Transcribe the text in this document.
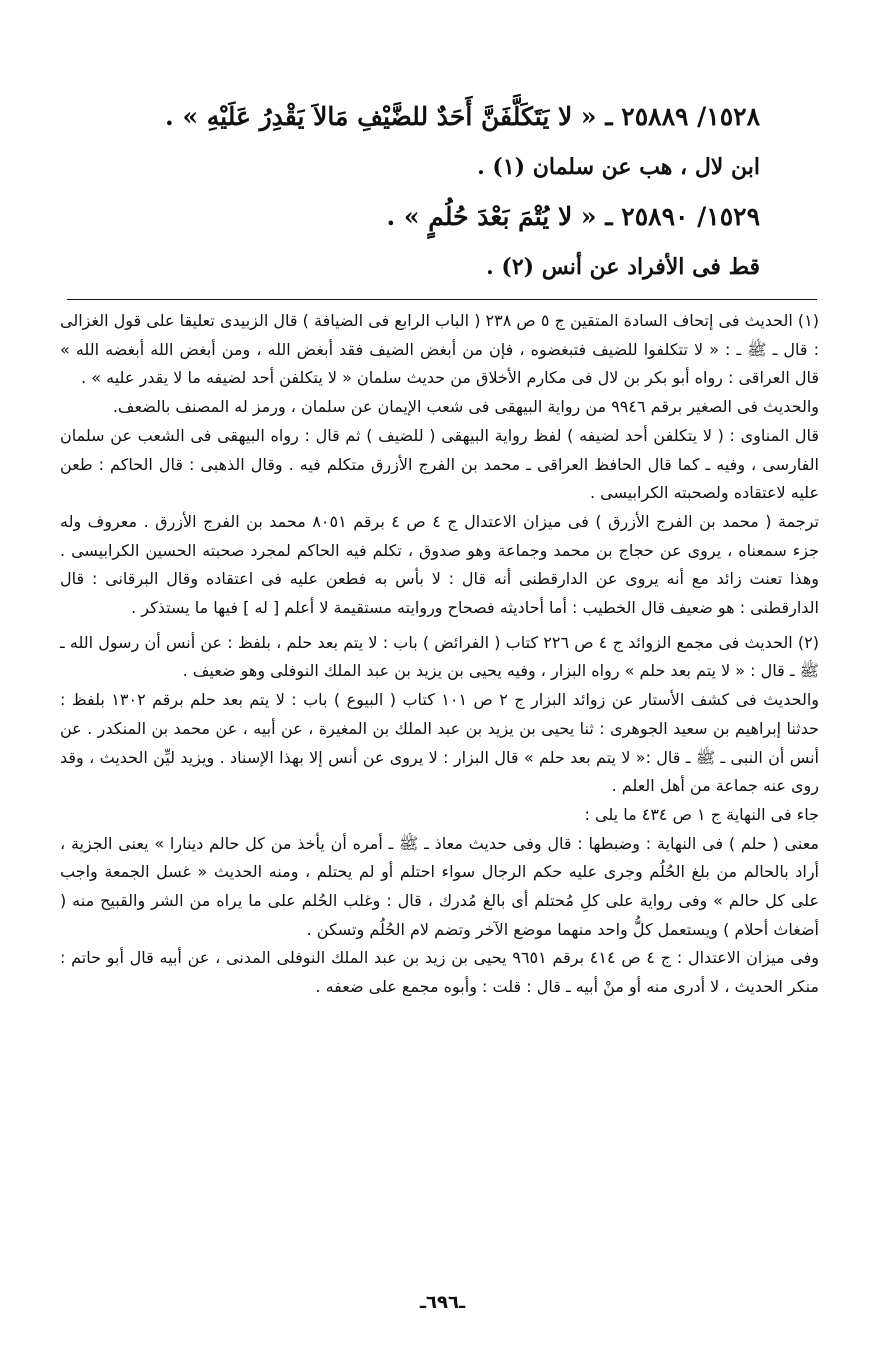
١٥٢٨/ ٢٥٨٨٩ ـ « لا يَتَكَلَّفَنَّ أَحَدٌ للضَّيْفِ مَالاَ يَقْدِرُ عَلَيْهِ » .

ابن لال ، هب عن سلمان (١) .

١٥٢٩/ ٢٥٨٩٠ ـ « لا يُتْمَ بَعْدَ حُلُمٍ » .

قط فى الأفراد عن أنس (٢) .

(١) الحديث فى إتحاف السادة المتقين ج ٥ ص ٢٣٨ ( الباب الرابع فى الضيافة ) قال الزبيدى تعليقا على قول الغزالى : قال ـ ﷺ ـ : « لا تتكلفوا للضيف فتبغضوه ، فإن من أبغض الضيف فقد أبغض الله ، ومن أبغض الله أبغضه الله » قال العراقى : رواه أبو بكر بن لال فى مكارم الأخلاق من حديث سلمان « لا يتكلفن أحد لضيفه ما لا يقدر عليه » .

والحديث فى الصغير برقم ٩٩٤٦ من رواية البيهقى فى شعب الإيمان عن سلمان ، ورمز له المصنف بالضعف.

قال المناوى : ( لا يتكلفن أحد لضيفه ) لفظ رواية البيهقى ( للضيف ) ثم قال : رواه البيهقى فى الشعب عن سلمان الفارسى ، وفيه ـ كما قال الحافظ العراقى ـ محمد بن الفرج الأزرق متكلم فيه . وقال الذهبى : قال الحاكم : طعن عليه لاعتقاده ولصحبته الكرابيسى .

ترجمة ( محمد بن الفرج الأزرق ) فى ميزان الاعتدال ج ٤ ص ٤ برقم ٨٠٥١ محمد بن الفرج الأزرق . معروف وله جزء سمعناه ، يروى عن حجاج بن محمد وجماعة وهو صدوق ، تكلم فيه الحاكم لمجرد صحبته الحسين الكرابيسى . وهذا تعنت زائد مع أنه يروى عن الدارقطنى أنه قال : لا بأس به فطعن عليه فى اعتقاده وقال البرقانى : قال الدارقطنى : هو ضعيف قال الخطيب : أما أحاديثه فصحاح وروايته مستقيمة لا أعلم [ له ] فيها ما يستذكر .

(٢) الحديث فى مجمع الزوائد ج ٤ ص ٢٢٦ كتاب ( الفرائض ) باب : لا يتم بعد حلم ، بلفظ : عن أنس أن رسول الله ـ ﷺ ـ قال : « لا يتم بعد حلم » رواه البزار ، وفيه يحيى بن يزيد بن عبد الملك النوفلى وهو ضعيف .

والحديث فى كشف الأستار عن زوائد البزار ج ٢ ص ١٠١ كتاب ( البيوع ) باب : لا يتم بعد حلم برقم ١٣٠٢ بلفظ : حدثنا إبراهيم بن سعيد الجوهرى : ثنا يحيى بن يزيد بن عبد الملك بن المغيرة ، عن أبيه ، عن محمد بن المنكدر . عن أنس أن النبى ـ ﷺ ـ قال :« لا يتم بعد حلم » قال البزار : لا يروى عن أنس إلا بهذا الإسناد . ويزيد ليِّن الحديث ، وقد روى عنه جماعة من أهل العلم .

جاء فى النهاية ج ١ ص ٤٣٤ ما يلى :

معنى ( حلم ) فى النهاية : وضبطها : قال وفى حديث معاذ ـ ﷺ ـ أمره أن يأخذ من كل حالم دينارا » يعنى الجزية ، أراد بالحالم من بلغ الحُلُم وجرى عليه حكم الرجال سواء احتلم أو لم يحتلم ، ومنه الحديث « غسل الجمعة واجب على كل حالم » وفى رواية على كلِ مُحتلم أى بالغ مُدرك ، قال : وغلب الحُلم على ما يراه من الشر والقبيح منه ( أضغاث أحلام ) ويستعمل كلُّ واحد منهما موضع الآخر وتضم لام الحُلُم وتسكن .

وفى ميزان الاعتدال : ج ٤ ص ٤١٤ برقم ٩٦٥١ يحيى بن زيد بن عبد الملك النوفلى المدنى ، عن أبيه قال أبو حاتم : منكر الحديث ، لا أدرى منه أو منْ أبيه ـ قال : قلت : وأبوه مجمع على ضعفه .

ـ٦٩٦ـ
